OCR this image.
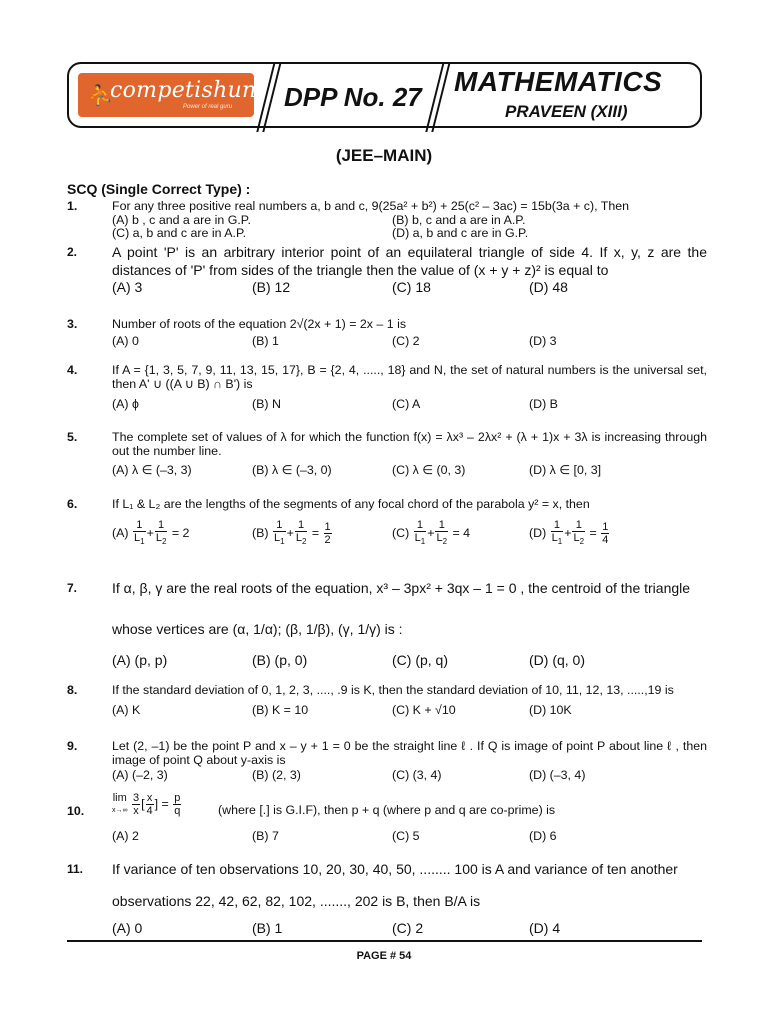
⛹
competishun
Power of real guru DPP No. 27 MATHEMATICS
PRAVEEN (XIII)
(JEE–MAIN)
SCQ (Single Correct Type) :
1.	For any three positive real numbers a, b and c, 9(25a² + b²) + 25(c² – 3ac) = 15b(3a + c), Then
(A) b , c and a are in G.P.	(B) b, c and a are in A.P.
(C) a, b and c are in A.P.	(D) a, b and c are in G.P.
2. A point 'P' is an arbitrary interior point of an equilateral triangle of side 4. If x, y, z are the distances of 'P' from sides of the triangle then the value of (x + y + z)² is equal to
(A) 3	(B) 12	(C) 18	(D) 48
3.	Number of roots of the equation 2√(2x + 1) = 2x – 1 is
(A) 0	(B) 1	(C) 2	(D) 3
4.	If A = {1, 3, 5, 7, 9, 11, 13, 15, 17}, B = {2, 4, ....., 18} and N, the set of natural numbers is the universal set, then A' ∪ ((A ∪ B) ∩ B') is
(A) ϕ	(B) N	(C) A	(D) B
5.	The complete set of values of λ for which the function f(x) = λx³ – 2λx² + (λ + 1)x + 3λ is increasing through out the number line.
(A) λ ∈ (–3, 3)	(B) λ ∈ (–3, 0)	(C) λ ∈ (0, 3)	(D) λ ∈ [0, 3]
6.	If L₁ & L₂ are the lengths of the segments of any focal chord of the parabola y² = x, then
$(A) \frac{1}{L_1} + \frac{1}{L_2} = 2$	$(B) \frac{1}{L_1} + \frac{1}{L_2} = \frac{1}{2}$	$(C) \frac{1}{L_1} + \frac{1}{L_2} = 4$	$(D) \frac{1}{L_1} + \frac{1}{L_2} = \frac{1}{4}$
7. If α, β, γ are the real roots of the equation, x³ – 3px² + 3qx – 1 = 0 , the centroid of the triangle
whose vertices are (α, 1/α); (β, 1/β), (γ, 1/γ) is :
(A) (p, p)	(B) (p, 0)	(C) (p, q)	(D) (q, 0)
8.	If the standard deviation of 0, 1, 2, 3, ...., .9 is K, then the standard deviation of 10, 11, 12, 13, .....,19 is
(A) K	(B) K = 10	(C) K + √10	(D) 10K
9.	Let (2, –1) be the point P and x – y + 1 = 0 be the straight line ℓ . If Q is image of point P about line ℓ , then image of point Q about y-axis is
(A) (–2, 3)	(B) (2, 3)	(C) (3, 4)	(D) (–3, 4)
10.
lim
$x\to\infty \frac{3}{x}$ [ $\frac{x}{4}$ ] = $\frac{p}{q}$	(where [.] is G.I.F), then p + q (where p and q are co-prime) is
(A) 2	(B) 7	(C) 5	(D) 6
11. If variance of ten observations 10, 20, 30, 40, 50, ........ 100 is A and variance of ten another
observations 22, 42, 62, 82, 102, ......., 202 is B, then B/A is
(A) 0	(B) 1	(C) 2	(D) 4
PAGE # 54
